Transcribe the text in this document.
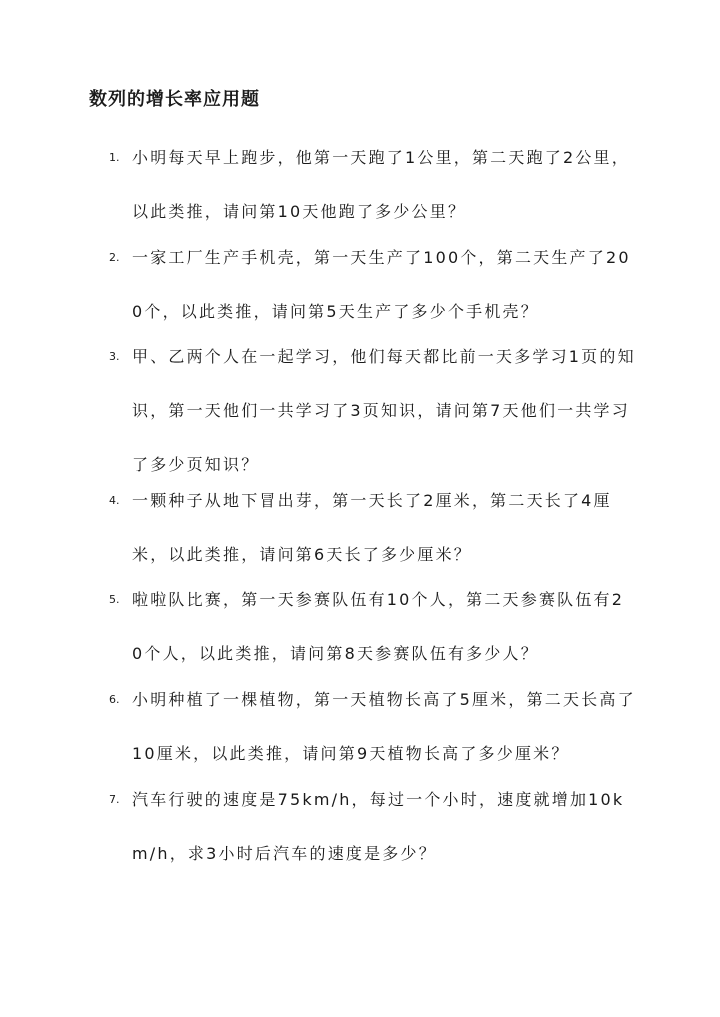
数列的增长率应用题
1. 小明每天早上跑步，他第一天跑了1公里，第二天跑了2公里，以此类推，请问第10天他跑了多少公里？

2. 一家工厂生产手机壳，第一天生产了100个，第二天生产了200个，以此类推，请问第5天生产了多少个手机壳？

3. 甲、乙两个人在一起学习，他们每天都比前一天多学习1页的知识，第一天他们一共学习了3页知识，请问第7天他们一共学习了多少页知识？

4. 一颗种子从地下冒出芽，第一天长了2厘米，第二天长了4厘米，以此类推，请问第6天长了多少厘米？

5. 啦啦队比赛，第一天参赛队伍有10个人，第二天参赛队伍有20个人，以此类推，请问第8天参赛队伍有多少人？

6. 小明种植了一棵植物，第一天植物长高了5厘米，第二天长高了10厘米，以此类推，请问第9天植物长高了多少厘米？

7. 汽车行驶的速度是75km/h，每过一个小时，速度就增加10km/h，求3小时后汽车的速度是多少？
